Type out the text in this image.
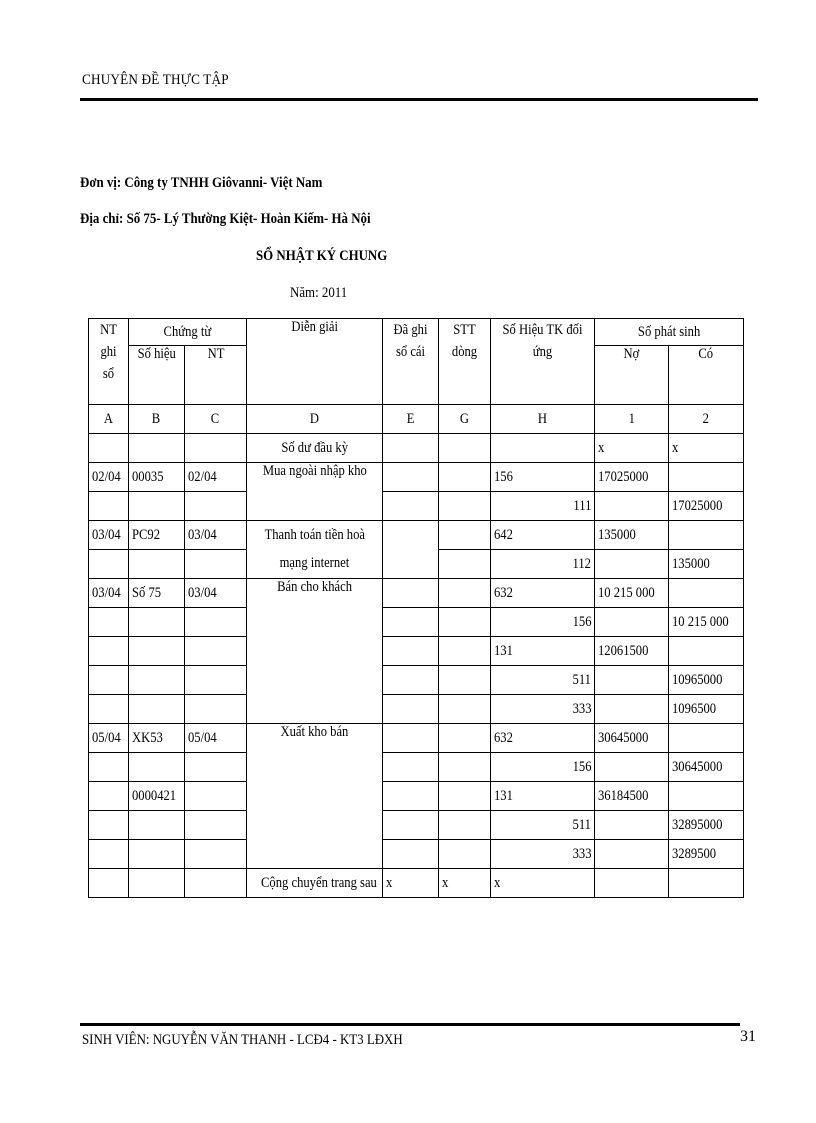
CHUYÊN ĐỀ THỰC TẬP
Đơn vị: Công ty TNHH Giôvanni- Việt Nam
Địa chỉ: Số 75- Lý Thường Kiệt- Hoàn Kiếm- Hà Nội
SỔ NHẬT KÝ CHUNG
Năm: 2011
NT ghi sổ	Chứng từ		Diễn giải	Đã ghi sổ cái	STT dòng	Số Hiệu TK đối ứng	Số phát sinh	
	Số hiệu	NT					Nợ	Có
A	B	C	D	E	G	H	1	2
			Số dư đầu kỳ				x	x
02/04	00035	02/04	Mua ngoài nhập kho			156	17025000	
						111		17025000
03/04	PC92	03/04	Thanh toán tiền hoà			642	135000	
			mạng internet			112		135000
03/04	Số 75	03/04	Bán cho khách			632	10 215 000	
						156		10 215 000
						131	12061500	
						511		10965000
						333		1096500
05/04	XK53	05/04	Xuất kho bán			632	30645000	
						156		30645000
	0000421					131	36184500	
						511		32895000
						333		3289500
			Cộng chuyển trang sau	x	x	x		
SINH VIÊN: NGUYỄN VĂN THANH - LCĐ4 - KT3 LĐXH	31
